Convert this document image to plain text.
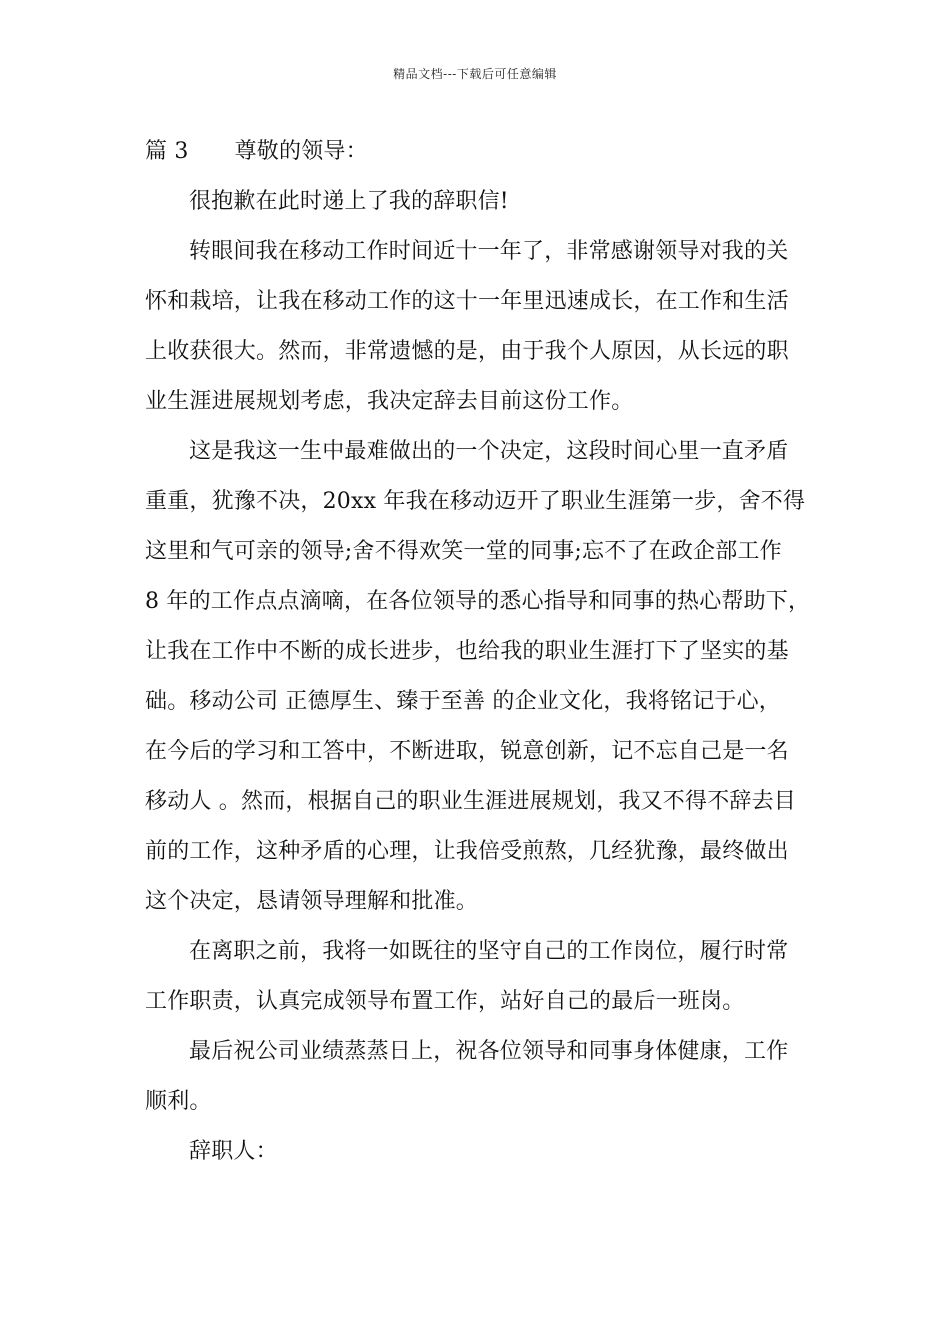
精品文档---下载后可任意编辑
篇 3 尊敬的领导：
很抱歉在此时递上了我的辞职信!
转眼间我在移动工作时间近十一年了，非常感谢领导对我的关
怀和栽培，让我在移动工作的这十一年里迅速成长，在工作和生活
上收获很大。然而，非常遗憾的是，由于我个人原因，从长远的职
业生涯进展规划考虑，我决定辞去目前这份工作。
这是我这一生中最难做出的一个决定，这段时间心里一直矛盾
重重，犹豫不决，20xx 年我在移动迈开了职业生涯第一步，舍不得
这里和气可亲的领导;舍不得欢笑一堂的同事;忘不了在政企部工作
8 年的工作点点滴嘀，在各位领导的悉心指导和同事的热心帮助下，
让我在工作中不断的成长进步，也给我的职业生涯打下了坚实的基
础。移动公司 正德厚生、臻于至善 的企业文化，我将铭记于心，
在今后的学习和工答中，不断进取，锐意创新，记不忘自己是一名
移动人 。然而，根据自己的职业生涯进展规划，我又不得不辞去目
前的工作，这种矛盾的心理，让我倍受煎熬，几经犹豫，最终做出
这个决定，恳请领导理解和批准。
在离职之前，我将一如既往的坚守自己的工作岗位，履行时常
工作职责，认真完成领导布置工作，站好自己的最后一班岗。
最后祝公司业绩蒸蒸日上，祝各位领导和同事身体健康，工作
顺利。
辞职人：
